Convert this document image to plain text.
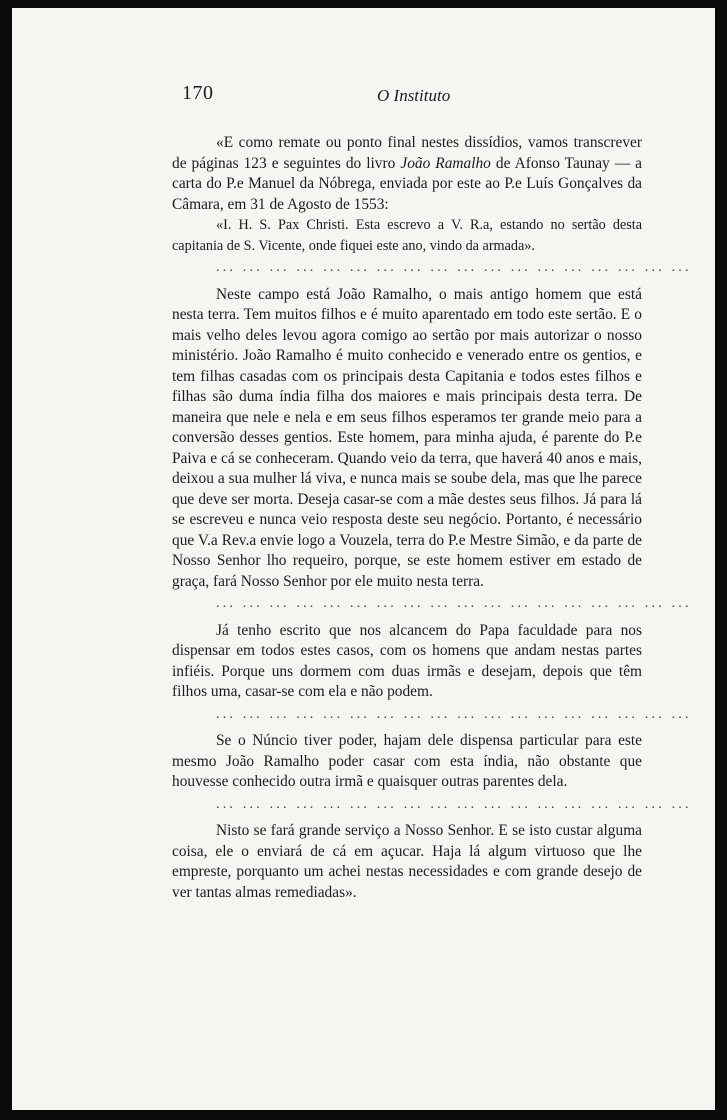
170	O Instituto

«E como remate ou ponto final nestes dissídios, vamos transcrever de páginas 123 e seguintes do livro João Ramalho de Afonso Taunay — a carta do P.e Manuel da Nóbrega, enviada por este ao P.e Luís Gonçalves da Câmara, em 31 de Agosto de 1553:

«I. H. S. Pax Christi. Esta escrevo a V. R.a, estando no sertão desta capitania de S. Vicente, onde fiquei este ano, vindo da armada».

... ... ... ... ... ... ... ... ... ... ... ... ... ... ... ... ... ...

Neste campo está João Ramalho, o mais antigo homem que está nesta terra. Tem muitos filhos e é muito aparentado em todo este sertão. E o mais velho deles levou agora comigo ao sertão por mais autorizar o nosso ministério. João Ramalho é muito conhecido e venerado entre os gentios, e tem filhas casadas com os principais desta Capitania e todos estes filhos e filhas são duma índia filha dos maiores e mais principais desta terra. De maneira que nele e nela e em seus filhos esperamos ter grande meio para a conversão desses gentios. Este homem, para minha ajuda, é parente do P.e Paiva e cá se conheceram. Quando veio da terra, que haverá 40 anos e mais, deixou a sua mulher lá viva, e nunca mais se soube dela, mas que lhe parece que deve ser morta. Deseja casar-se com a mãe destes seus filhos. Já para lá se escreveu e nunca veio resposta deste seu negócio. Portanto, é necessário que V.a Rev.a envie logo a Vouzela, terra do P.e Mestre Simão, e da parte de Nosso Senhor lho requeiro, porque, se este homem estiver em estado de graça, fará Nosso Senhor por ele muito nesta terra.

... ... ... ... ... ... ... ... ... ... ... ... ... ... ... ... ... ...

Já tenho escrito que nos alcancem do Papa faculdade para nos dispensar em todos estes casos, com os homens que andam nestas partes infiéis. Porque uns dormem com duas irmãs e desejam, depois que têm filhos uma, casar-se com ela e não podem.

... ... ... ... ... ... ... ... ... ... ... ... ... ... ... ... ... ...

Se o Núncio tiver poder, hajam dele dispensa particular para este mesmo João Ramalho poder casar com esta índia, não obstante que houvesse conhecido outra irmã e quaisquer outras parentes dela.

... ... ... ... ... ... ... ... ... ... ... ... ... ... ... ... ... ...

Nisto se fará grande serviço a Nosso Senhor. E se isto custar alguma coisa, ele o enviará de cá em açucar. Haja lá algum virtuoso que lhe empreste, porquanto um achei nestas necessidades e com grande desejo de ver tantas almas remediadas».
